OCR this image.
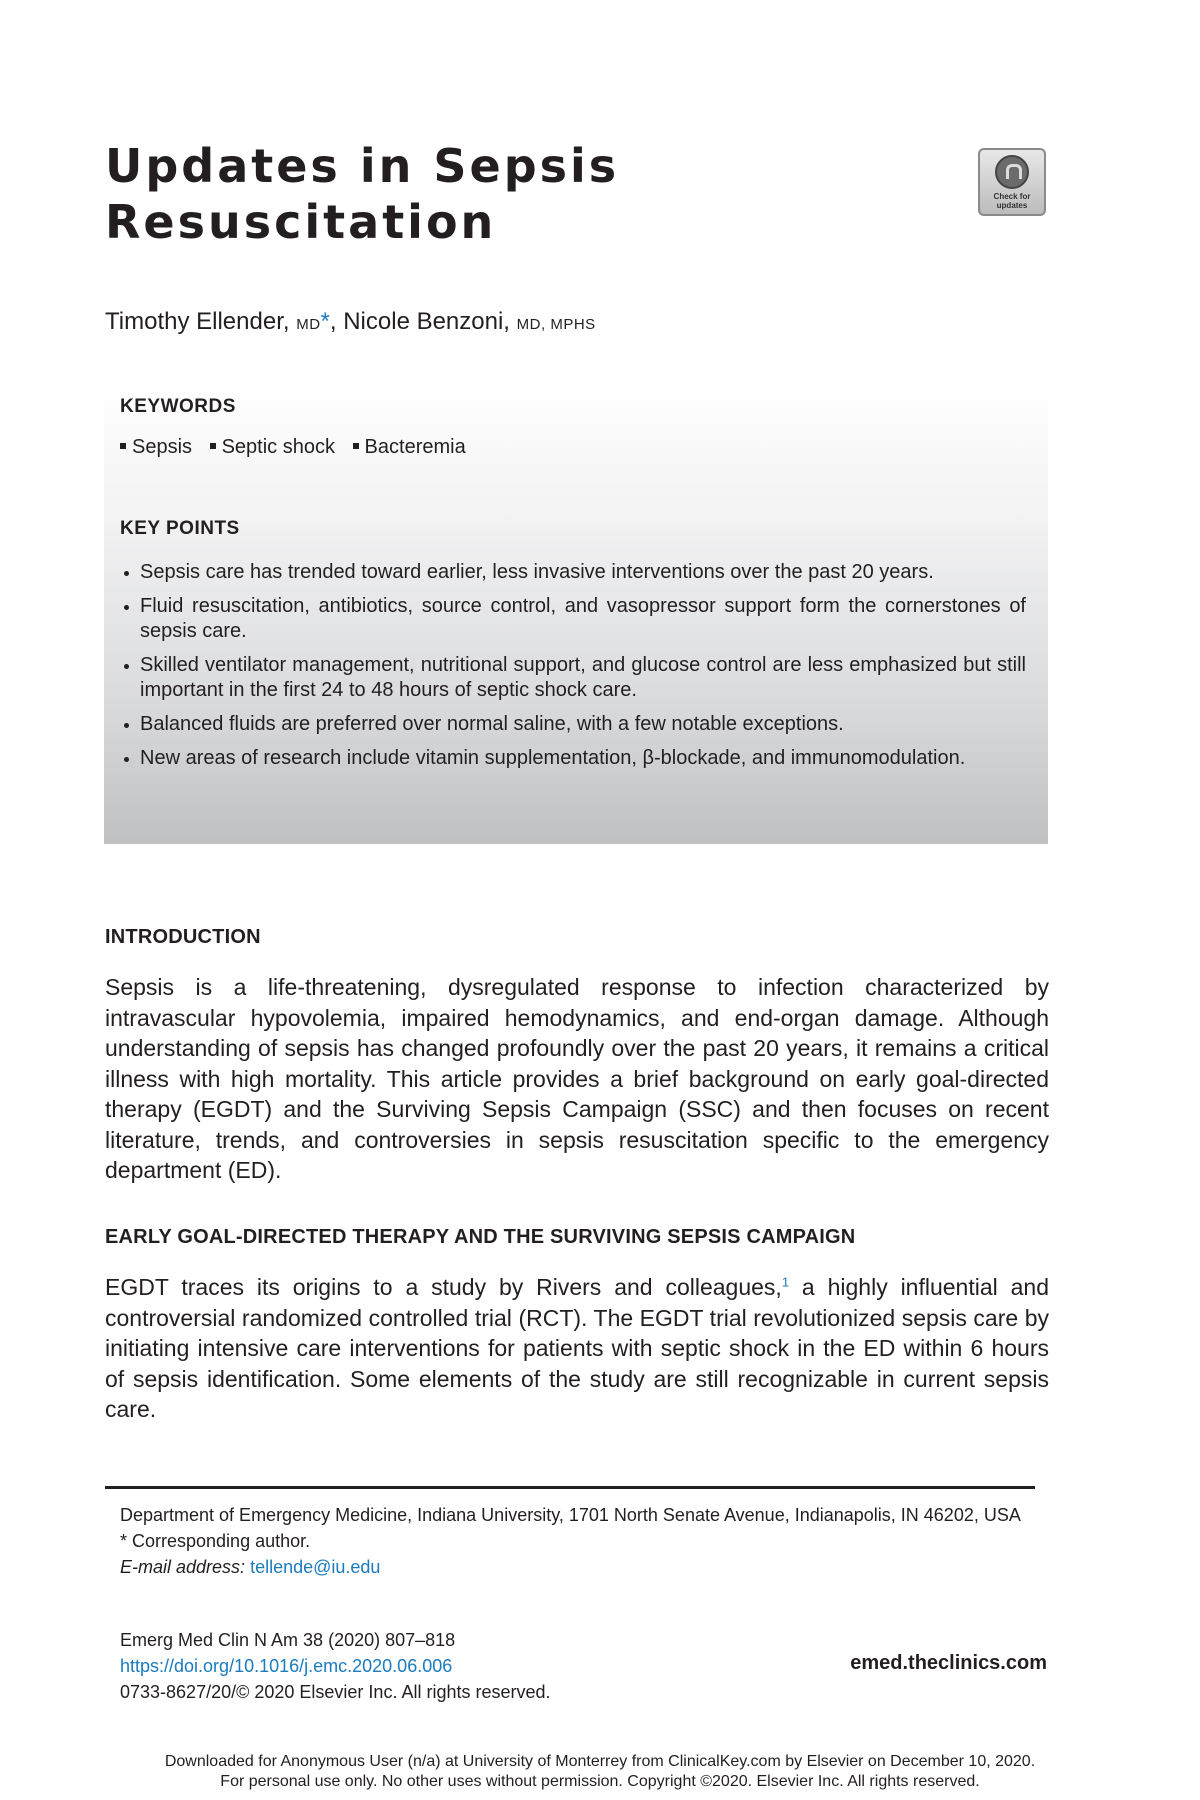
Updates in Sepsis
Resuscitation	Check for updates
Timothy Ellender, MD*, Nicole Benzoni, MD, MPHS
KEYWORDS
Sepsis Septic shock Bacteremia
KEY POINTS
Sepsis care has trended toward earlier, less invasive interventions over the past 20 years.
Fluid resuscitation, antibiotics, source control, and vasopressor support form the cornerstones of sepsis care.
Skilled ventilator management, nutritional support, and glucose control are less emphasized but still important in the first 24 to 48 hours of septic shock care.
Balanced fluids are preferred over normal saline, with a few notable exceptions.
New areas of research include vitamin supplementation, β-blockade, and immunomodulation.
INTRODUCTION

Sepsis is a life-threatening, dysregulated response to infection characterized by intravascular hypovolemia, impaired hemodynamics, and end-organ damage. Although understanding of sepsis has changed profoundly over the past 20 years, it remains a critical illness with high mortality. This article provides a brief background on early goal-directed therapy (EGDT) and the Surviving Sepsis Campaign (SSC) and then focuses on recent literature, trends, and controversies in sepsis resuscitation specific to the emergency department (ED).

EARLY GOAL-DIRECTED THERAPY AND THE SURVIVING SEPSIS CAMPAIGN

EGDT traces its origins to a study by Rivers and colleagues,$^1$ a highly influential and controversial randomized controlled trial (RCT). The EGDT trial revolutionized sepsis care by initiating intensive care interventions for patients with septic shock in the ED within 6 hours of sepsis identification. Some elements of the study are still recognizable in current sepsis care.

Department of Emergency Medicine, Indiana University, 1701 North Senate Avenue, Indianapolis, IN 46202, USA

* Corresponding author.

E-mail address: tellende@iu.edu

Emerg Med Clin N Am 38 (2020) 807–818

https://doi.org/10.1016/j.emc.2020.06.006

0733-8627/20/© 2020 Elsevier Inc. All rights reserved.

emed.theclinics.com

Downloaded for Anonymous User (n/a) at University of Monterrey from ClinicalKey.com by Elsevier on December 10, 2020.

For personal use only. No other uses without permission. Copyright ©2020. Elsevier Inc. All rights reserved.
